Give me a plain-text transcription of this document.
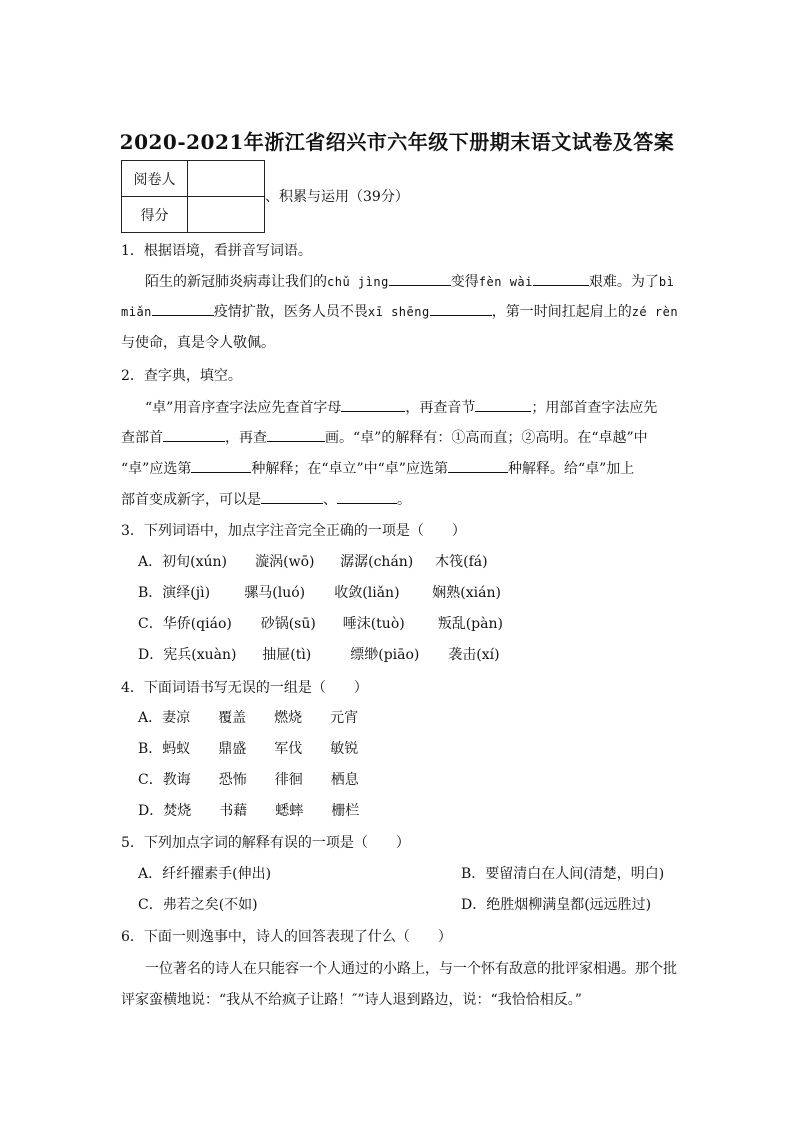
2020-2021年浙江省绍兴市六年级下册期末语文试卷及答案
阅卷人	
得分	
、积累与运用（39分）
1．根据语境，看拼音写词语。
陌生的新冠肺炎病毒让我们的chǔ jìng	变得fèn wài	艰难。为了bì
miǎn	疫情扩散，医务人员不畏xī shēng	，第一时间扛起肩上的zé rèn
与使命，真是令人敬佩。
2．查字典，填空。
“卓”用音序查字法应先查首字母	，再查音节	；用部首查字法应先
查部首	，再查	画。“卓”的解释有：①高而直；②高明。在“卓越”中
“卓”应选第	种解释；在“卓立”中“卓”应选第	种解释。给“卓”加上
部首变成新字，可以是	、	。
3．下列词语中，加点字注音完全正确的一项是（　　）
A．初旬(xún) 漩涡(wō) 潺潺(chán) 木筏(fá)
B．演绎(jì) 骡马(luó) 收敛(liǎn) 娴熟(xián)
C．华侨(qiáo) 砂锅(sū) 唾沫(tuò) 叛乱(pàn)
D．宪兵(xuàn) 抽屉(tì)	缥缈(piāo) 袭击(xí)
4．下面词语书写无误的一组是（　　）
A．妻凉 覆盖 燃烧 元宵
B．蚂蚁 鼎盛 军伐 敏锐
C．教诲 恐怖 徘徊 栖息
D．焚烧 书藉 蟋蟀 栅栏
5．下列加点字词的解释有误的一项是（　　）
A．纤纤擢素手(伸出)	B．要留清白在人间(清楚，明白)
C．弗若之矣(不如)	D．绝胜烟柳满皇都(远远胜过)
6．下面一则逸事中，诗人的回答表现了什么（　　）
一位著名的诗人在只能容一个人通过的小路上，与一个怀有敌意的批评家相遇。那个批
评家蛮横地说：“我从不给疯子让路！″”诗人退到路边，说：“我恰恰相反。”
